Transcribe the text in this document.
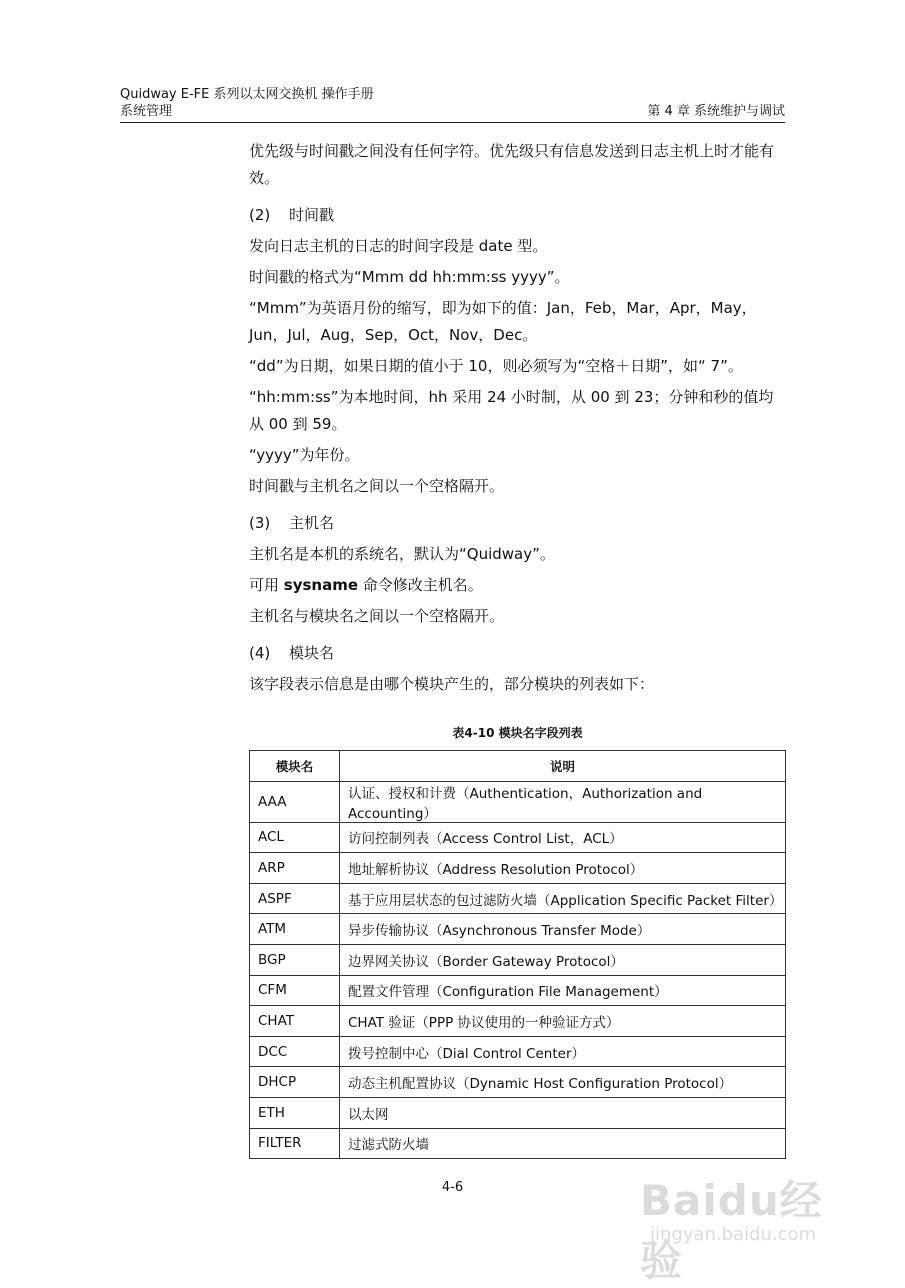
Quidway E-FE 系列以太网交换机 操作手册
系统管理	第 4 章 系统维护与调试
优先级与时间戳之间没有任何字符。优先级只有信息发送到日志主机上时才能有效。
(2) 时间戳
发向日志主机的日志的时间字段是 date 型。
时间戳的格式为“Mmm dd hh:mm:ss yyyy”。
“Mmm”为英语月份的缩写，即为如下的值：Jan，Feb，Mar，Apr，May，Jun，Jul，Aug，Sep，Oct，Nov，Dec。
“dd”为日期，如果日期的值小于 10，则必须写为“空格＋日期”，如“ 7”。
“hh:mm:ss”为本地时间，hh 采用 24 小时制，从 00 到 23；分钟和秒的值均从 00 到 59。
“yyyy”为年份。
时间戳与主机名之间以一个空格隔开。
(3) 主机名
主机名是本机的系统名，默认为“Quidway”。
可用 sysname 命令修改主机名。
主机名与模块名之间以一个空格隔开。
(4) 模块名
该字段表示信息是由哪个模块产生的，部分模块的列表如下：
表4-10 模块名字段列表
模块名	说明
AAA	认证、授权和计费（Authentication，Authorization and Accounting）
ACL	访问控制列表（Access Control List，ACL）
ARP	地址解析协议（Address Resolution Protocol）
ASPF	基于应用层状态的包过滤防火墙（Application Specific Packet Filter）
ATM	异步传输协议（Asynchronous Transfer Mode）
BGP	边界网关协议（Border Gateway Protocol）
CFM	配置文件管理（Configuration File Management）
CHAT	CHAT 验证（PPP 协议使用的一种验证方式）
DCC	拨号控制中心（Dial Control Center）
DHCP	动态主机配置协议（Dynamic Host Configuration Protocol）
ETH	以太网
FILTER	过滤式防火墙
4-6	Baidu经验
jingyan.baidu.com
